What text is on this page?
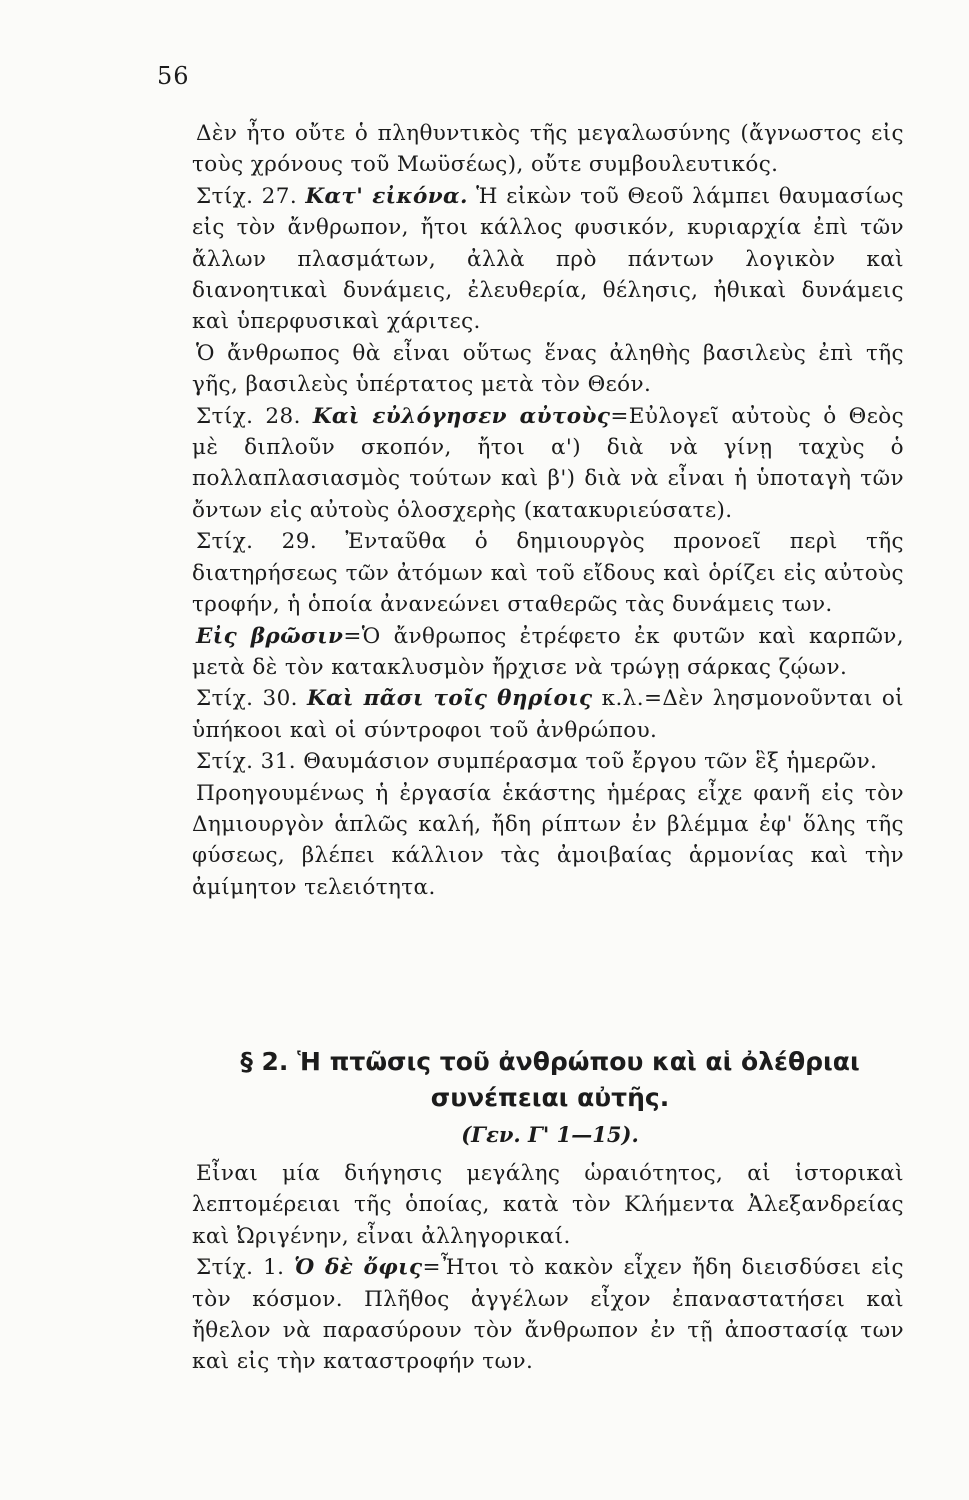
56

Δὲν ἦτο οὔτε ὁ πληθυντικὸς τῆς μεγαλωσύνης (ἄγνωστος εἰς τοὺς χρόνους τοῦ Μωϋσέως), οὔτε συμβουλευτικός.

Στίχ. 27. Κατ' εἰκόνα. Ἡ εἰκὼν τοῦ Θεοῦ λάμπει θαυμασίως εἰς τὸν ἄνθρωπον, ἤτοι κάλλος φυσικόν, κυριαρχία ἐπὶ τῶν ἄλλων πλασμάτων, ἀλλὰ πρὸ πάντων λογικὸν καὶ διανοητικαὶ δυνάμεις, ἐλευθερία, θέλησις, ἠθικαὶ δυνάμεις καὶ ὑπερφυσικαὶ χάριτες.

Ὁ ἄνθρωπος θὰ εἶναι οὕτως ἕνας ἀληθὴς βασιλεὺς ἐπὶ τῆς γῆς, βασιλεὺς ὑπέρτατος μετὰ τὸν Θεόν.

Στίχ. 28. Καὶ εὐλόγησεν αὐτοὺς=Εὐλογεῖ αὐτοὺς ὁ Θεὸς μὲ διπλοῦν σκοπόν, ἤτοι α') διὰ νὰ γίνῃ ταχὺς ὁ πολλαπλασιασμὸς τούτων καὶ β') διὰ νὰ εἶναι ἡ ὑποταγὴ τῶν ὄντων εἰς αὐτοὺς ὁλοσχερὴς (κατακυριεύσατε).

Στίχ. 29. Ἐνταῦθα ὁ δημιουργὸς προνοεῖ περὶ τῆς διατηρήσεως τῶν ἀτόμων καὶ τοῦ εἴδους καὶ ὁρίζει εἰς αὐτοὺς τροφήν, ἡ ὁποία ἀνανεώνει σταθερῶς τὰς δυνάμεις των.

Εἰς βρῶσιν=Ὁ ἄνθρωπος ἐτρέφετο ἐκ φυτῶν καὶ καρπῶν, μετὰ δὲ τὸν κατακλυσμὸν ἤρχισε νὰ τρώγῃ σάρκας ζῴων.

Στίχ. 30. Καὶ πᾶσι τοῖς θηρίοις κ.λ.=Δὲν λησμονοῦνται οἱ ὑπήκοοι καὶ οἱ σύντροφοι τοῦ ἀνθρώπου.

Στίχ. 31. Θαυμάσιον συμπέρασμα τοῦ ἔργου τῶν ἓξ ἡμερῶν.

Προηγουμένως ἡ ἐργασία ἑκάστης ἡμέρας εἶχε φανῆ εἰς τὸν Δημιουργὸν ἁπλῶς καλή, ἤδη ρίπτων ἐν βλέμμα ἐφ' ὅλης τῆς φύσεως, βλέπει κάλλιον τὰς ἀμοιβαίας ἁρμονίας καὶ τὴν ἀμίμητον τελειότητα.

§ 2. Ἡ πτῶσις τοῦ ἀνθρώπου καὶ αἱ ὀλέθριαι συνέπειαι αὐτῆς.

(Γεν. Γ' 1—15).

Εἶναι μία διήγησις μεγάλης ὡραιότητος, αἱ ἱστορικαὶ λεπτομέρειαι τῆς ὁποίας, κατὰ τὸν Κλήμεντα Ἀλεξανδρείας καὶ Ὠριγένην, εἶναι ἀλληγορικαί.

Στίχ. 1. Ὁ δὲ ὄφις=Ἦτοι τὸ κακὸν εἶχεν ἤδη διεισδύσει εἰς τὸν κόσμον. Πλῆθος ἀγγέλων εἶχον ἐπαναστατήσει καὶ ἤθελον νὰ παρασύρουν τὸν ἄνθρωπον ἐν τῇ ἀποστασίᾳ των καὶ εἰς τὴν καταστροφήν των.
